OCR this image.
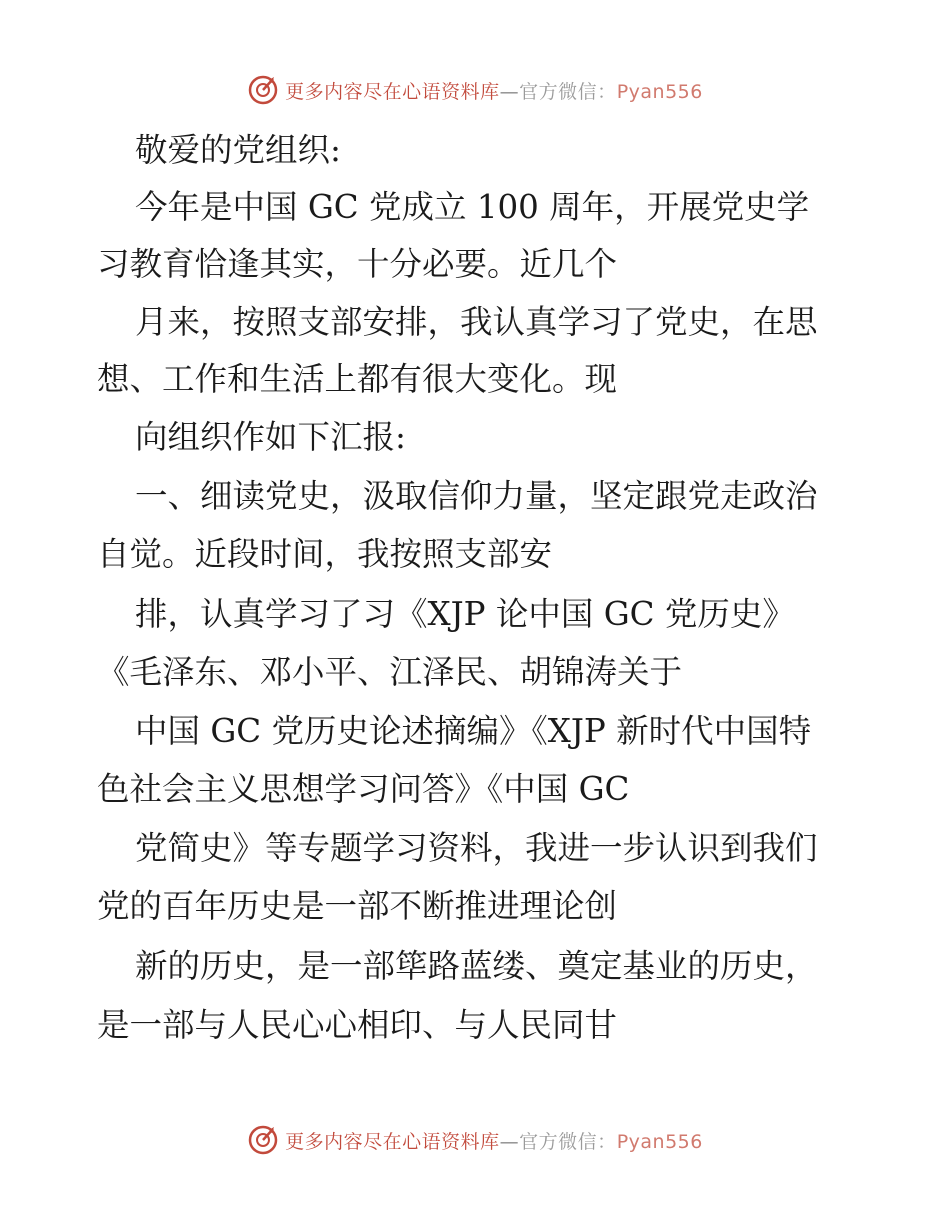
更多内容尽在心语资料库—官方微信：Pyan556
敬爱的党组织:
今年是中国 GC 党成立 100 周年，开展党史学
习教育恰逢其实，十分必要。近几个
月来，按照支部安排，我认真学习了党史，在思
想、工作和生活上都有很大变化。现
向组织作如下汇报:
一、细读党史，汲取信仰力量，坚定跟党走政治
自觉。近段时间，我按照支部安
排，认真学习了习《XJP 论中国 GC 党历史》
《毛泽东、邓小平、江泽民、胡锦涛关于
中国 GC 党历史论述摘编》《XJP 新时代中国特
色社会主义思想学习问答》《中国 GC
党简史》等专题学习资料，我进一步认识到我们
党的百年历史是一部不断推进理论创
新的历史，是一部筚路蓝缕、奠定基业的历史，
是一部与人民心心相印、与人民同甘
更多内容尽在心语资料库—官方微信：Pyan556
